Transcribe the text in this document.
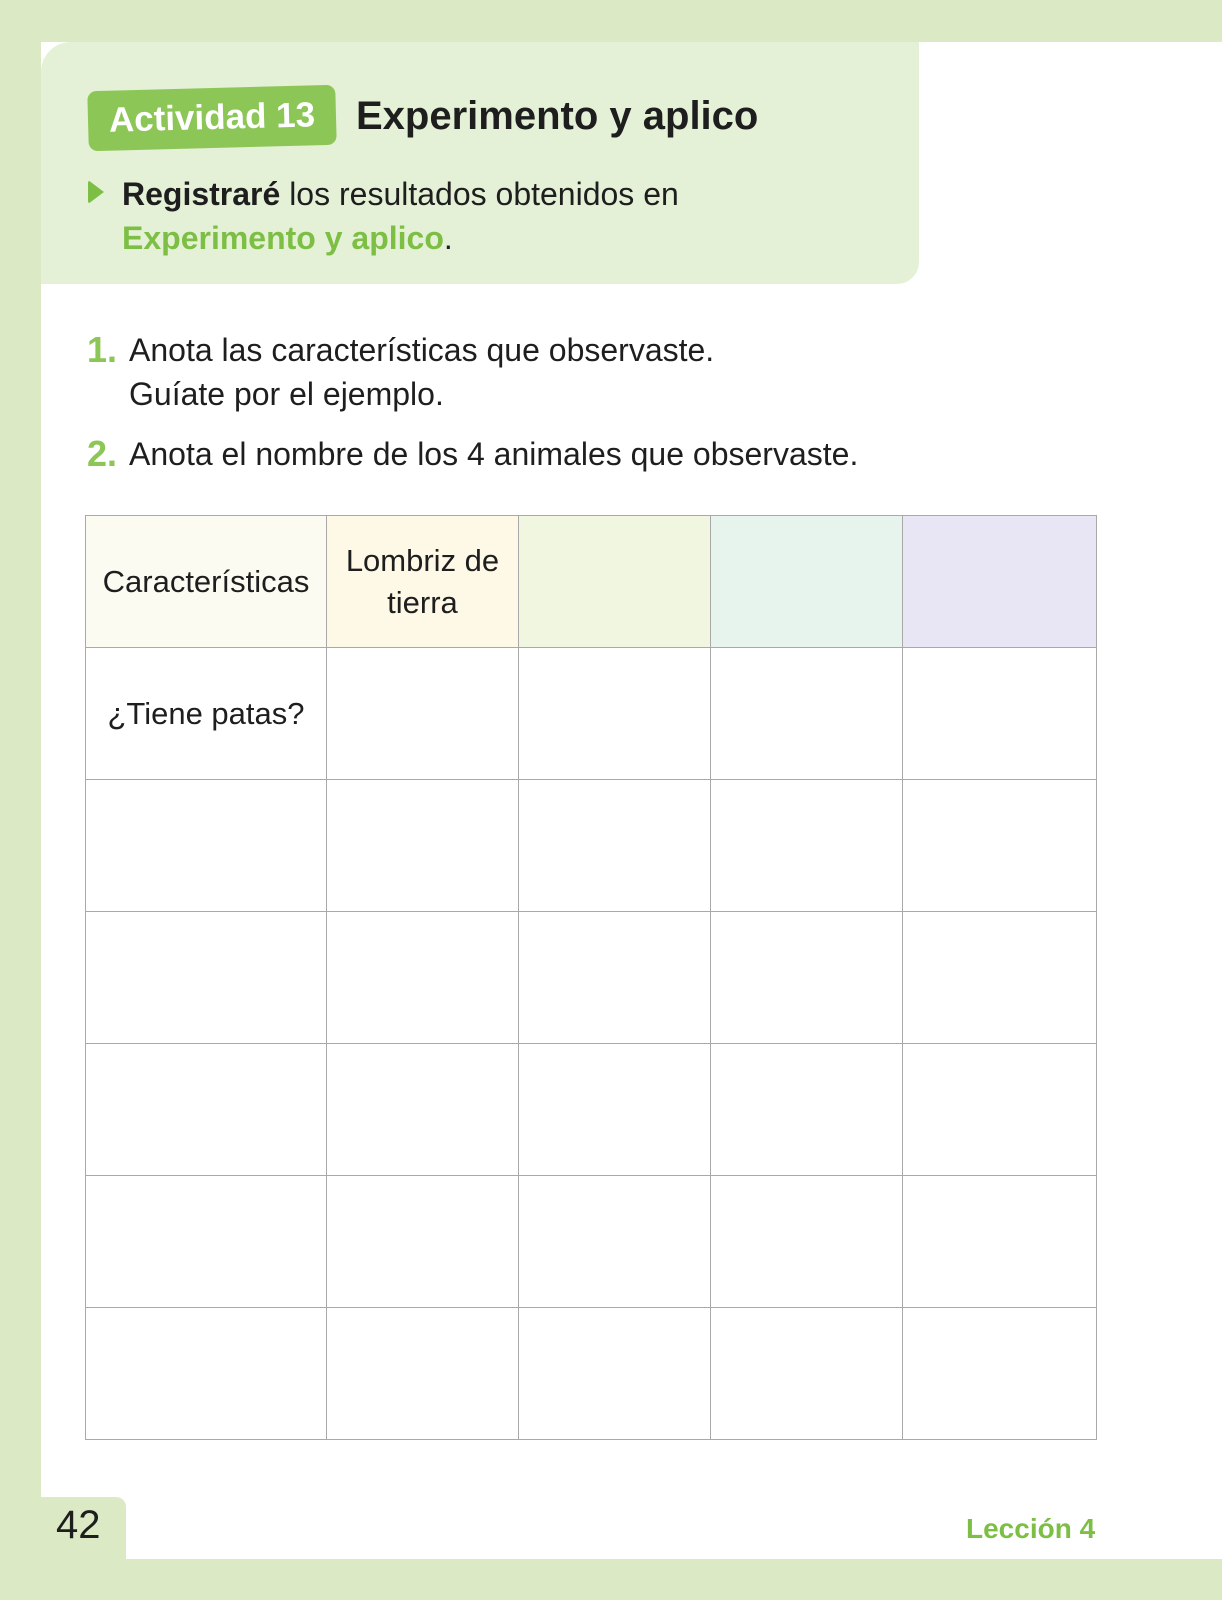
Actividad 13 Experimento y aplico
Registraré los resultados obtenidos en
Experimento y aplico.
1. Anota las características que observaste.
Guíate por el ejemplo.
2. Anota el nombre de los 4 animales que observaste.
Características	Lombriz de tierra			
¿Tiene patas?				

42	Lección 4
